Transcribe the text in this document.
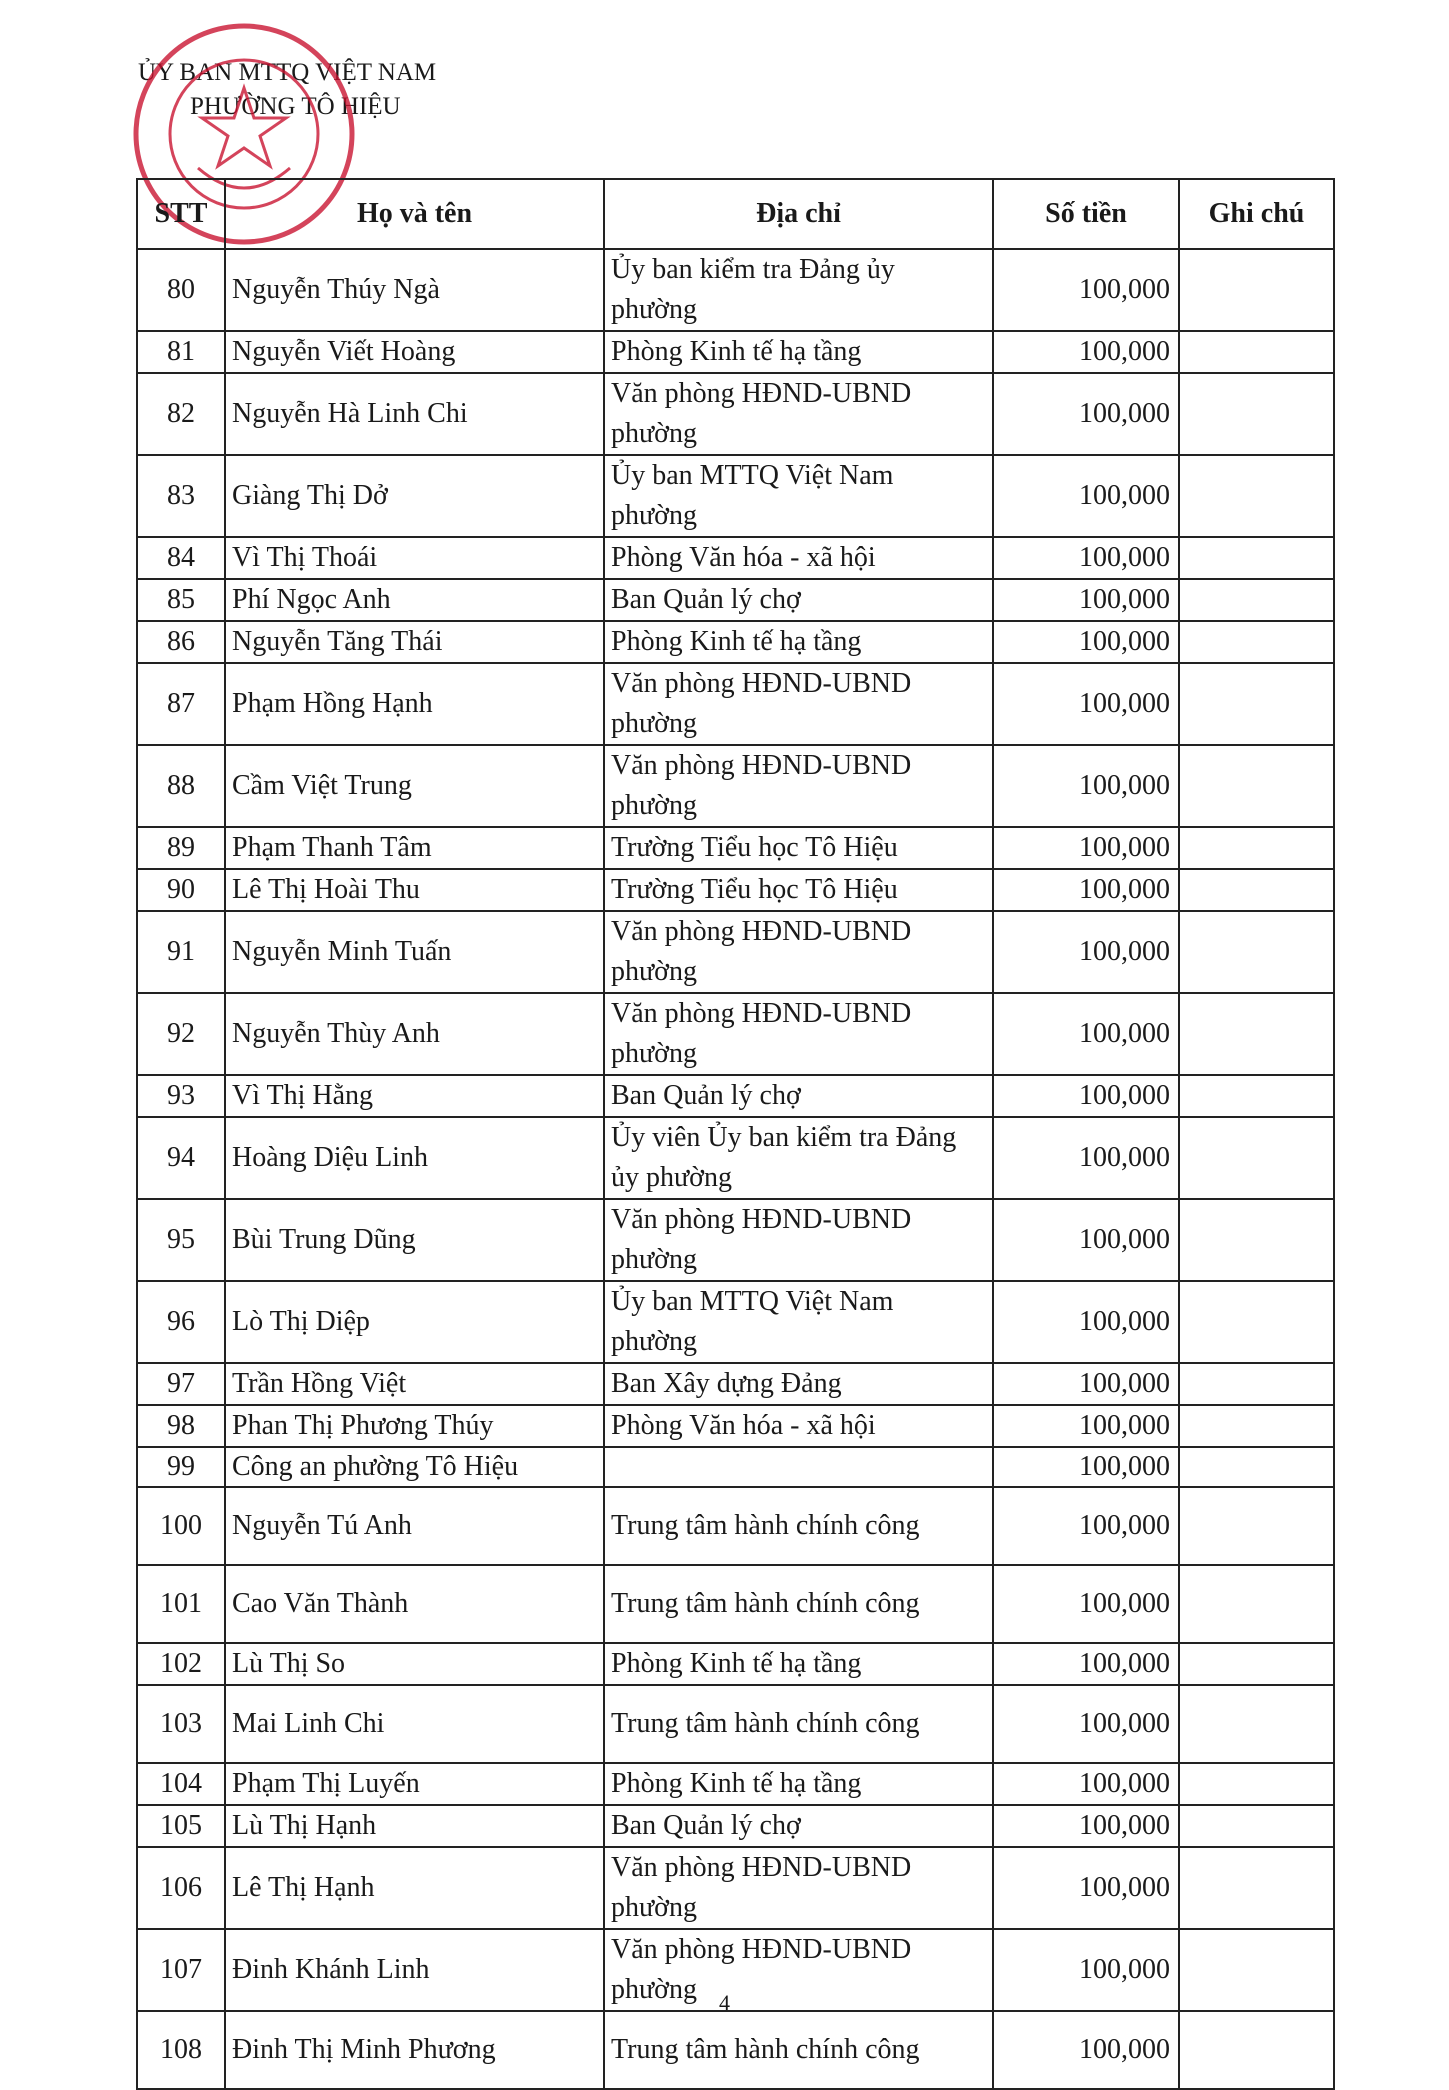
ỦY BAN MTTQ VIỆT NAM
PHƯỜNG TÔ HIỆU
STT	Họ và tên	Địa chỉ	Số tiền	Ghi chú
80	Nguyễn Thúy Ngà	Ủy ban kiểm tra Đảng ủy phường	100,000	
81	Nguyễn Viết Hoàng	Phòng Kinh tế hạ tầng	100,000	
82	Nguyễn Hà Linh Chi	Văn phòng HĐND-UBND phường	100,000	
83	Giàng Thị Dở	Ủy ban MTTQ Việt Nam phường	100,000	
84	Vì Thị Thoái	Phòng Văn hóa - xã hội	100,000	
85	Phí Ngọc Anh	Ban Quản lý chợ	100,000	
86	Nguyễn Tăng Thái	Phòng Kinh tế hạ tầng	100,000	
87	Phạm Hồng Hạnh	Văn phòng HĐND-UBND phường	100,000	
88	Cầm Việt Trung	Văn phòng HĐND-UBND phường	100,000	
89	Phạm Thanh Tâm	Trường Tiểu học Tô Hiệu	100,000	
90	Lê Thị Hoài Thu	Trường Tiểu học Tô Hiệu	100,000	
91	Nguyễn Minh Tuấn	Văn phòng HĐND-UBND phường	100,000	
92	Nguyễn Thùy Anh	Văn phòng HĐND-UBND phường	100,000	
93	Vì Thị Hằng	Ban Quản lý chợ	100,000	
94	Hoàng Diệu Linh	Ủy viên Ủy ban kiểm tra Đảng ủy phường	100,000	
95	Bùi Trung Dũng	Văn phòng HĐND-UBND phường	100,000	
96	Lò Thị Diệp	Ủy ban MTTQ Việt Nam phường	100,000	
97	Trần Hồng Việt	Ban Xây dựng Đảng	100,000	
98	Phan Thị Phương Thúy	Phòng Văn hóa - xã hội	100,000	
99	Công an phường Tô Hiệu		100,000	
100	Nguyễn Tú Anh	Trung tâm hành chính công	100,000	
101	Cao Văn Thành	Trung tâm hành chính công	100,000	
102	Lù Thị So	Phòng Kinh tế hạ tầng	100,000	
103	Mai Linh Chi	Trung tâm hành chính công	100,000	
104	Phạm Thị Luyến	Phòng Kinh tế hạ tầng	100,000	
105	Lù Thị Hạnh	Ban Quản lý chợ	100,000	
106	Lê Thị Hạnh	Văn phòng HĐND-UBND phường	100,000	
107	Đinh Khánh Linh	Văn phòng HĐND-UBND phường	100,000	
108	Đinh Thị Minh Phương	Trung tâm hành chính công	100,000	
4
